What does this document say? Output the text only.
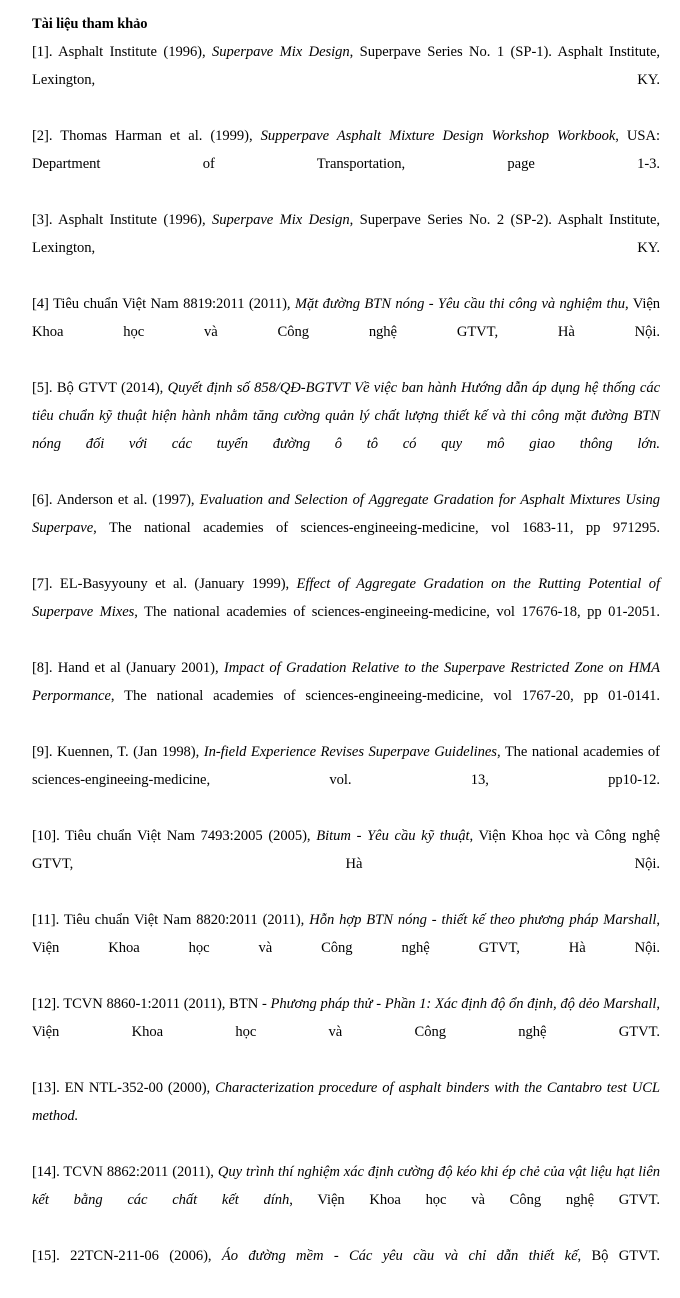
Tài liệu tham khảo

[1]. Asphalt Institute (1996), Superpave Mix Design, Superpave Series No. 1 (SP-1). Asphalt Institute, Lexington, KY.

[2]. Thomas Harman et al. (1999), Supperpave Asphalt Mixture Design Workshop Workbook, USA: Department of Transportation, page 1-3.

[3]. Asphalt Institute (1996), Superpave Mix Design, Superpave Series No. 2 (SP-2). Asphalt Institute, Lexington, KY.

[4] Tiêu chuẩn Việt Nam 8819:2011 (2011), Mặt đường BTN nóng - Yêu cầu thi công và nghiệm thu, Viện Khoa học và Công nghệ GTVT, Hà Nội.

[5]. Bộ GTVT (2014), Quyết định số 858/QĐ-BGTVT Về việc ban hành Hướng dẫn áp dụng hệ thống các tiêu chuẩn kỹ thuật hiện hành nhằm tăng cường quản lý chất lượng thiết kế và thi công mặt đường BTN nóng đối với các tuyến đường ô tô có quy mô giao thông lớn.

[6]. Anderson et al. (1997), Evaluation and Selection of Aggregate Gradation for Asphalt Mixtures Using Superpave, The national academies of sciences-engineeing-medicine, vol 1683-11, pp 971295.

[7]. EL-Basyyouny et al. (January 1999), Effect of Aggregate Gradation on the Rutting Potential of Superpave Mixes, The national academies of sciences-engineeing-medicine, vol 17676-18, pp 01-2051.

[8]. Hand et al (January 2001), Impact of Gradation Relative to the Superpave Restricted Zone on HMA Perpormance, The national academies of sciences-engineeing-medicine, vol 1767-20, pp 01-0141.

[9]. Kuennen, T. (Jan 1998), In-field Experience Revises Superpave Guidelines, The national academies of sciences-engineeing-medicine, vol. 13, pp10-12.

[10]. Tiêu chuẩn Việt Nam 7493:2005 (2005), Bitum - Yêu cầu kỹ thuật, Viện Khoa học và Công nghệ GTVT, Hà Nội.

[11]. Tiêu chuẩn Việt Nam 8820:2011 (2011), Hỗn hợp BTN nóng - thiết kế theo phương pháp Marshall, Viện Khoa học và Công nghệ GTVT, Hà Nội.

[12]. TCVN 8860-1:2011 (2011), BTN - Phương pháp thử - Phần 1: Xác định độ ổn định, độ dẻo Marshall, Viện Khoa học và Công nghệ GTVT.

[13]. EN NTL-352-00 (2000), Characterization procedure of asphalt binders with the Cantabro test UCL method.

[14]. TCVN 8862:2011 (2011), Quy trình thí nghiệm xác định cường độ kéo khi ép chẻ của vật liệu hạt liên kết bằng các chất kết dính, Viện Khoa học và Công nghệ GTVT.

[15]. 22TCN-211-06 (2006), Áo đường mềm - Các yêu cầu và chỉ dẫn thiết kế, Bộ GTVT.
